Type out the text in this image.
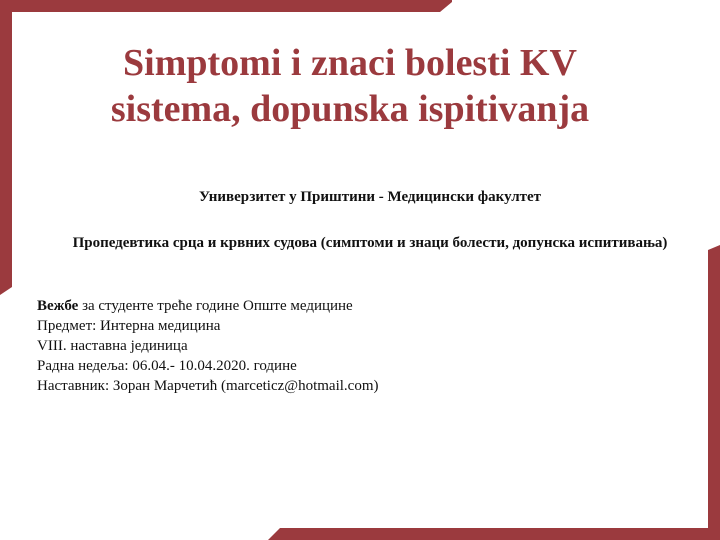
Simptomi i znaci bolesti KV
sistema, dopunska ispitivanja
Универзитет у Приштини - Медицински факултет
Пропедевтика срца и крвних судова (симптоми и знаци болести, допунска испитивања)
Вежбе за студенте треће године Опште медицине
Предмет: Интерна медицина
VIII. наставна јединица
Радна недеља: 06.04.- 10.04.2020. године
Наставник: Зоран Марчетић (marceticz@hotmail.com)
